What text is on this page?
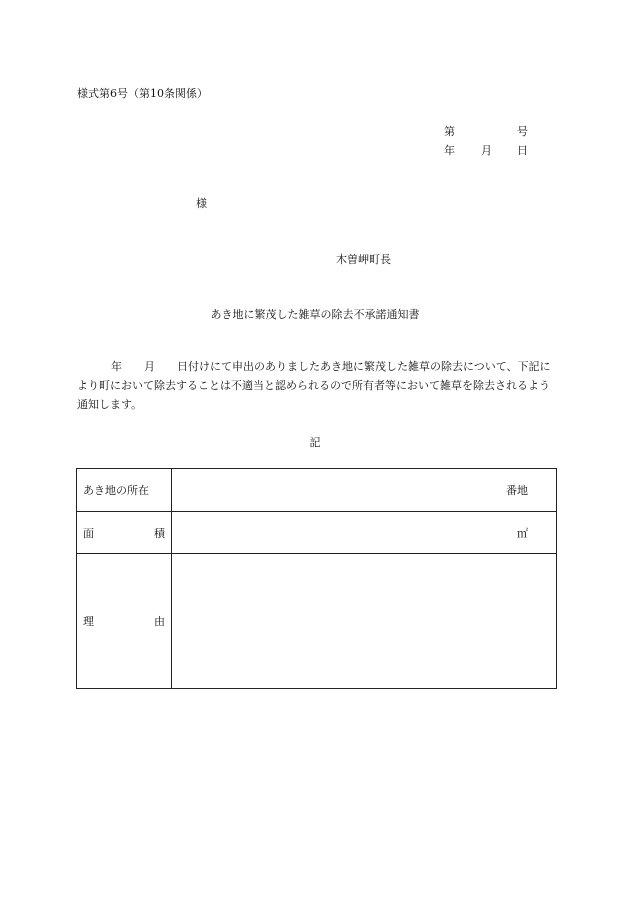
様式第6号（第10条関係）
第	号
年 月 日
様
木曽岬町長
あき地に繁茂した雑草の除去不承諾通知書
年 月 日付けにて申出のありましたあき地に繁茂した雑草の除去について、下記により町において除去することは不適当と認められるので所有者等において雑草を除去されるよう通知します。
記
あき地の所在	番地

面 積	㎡

理 由	
